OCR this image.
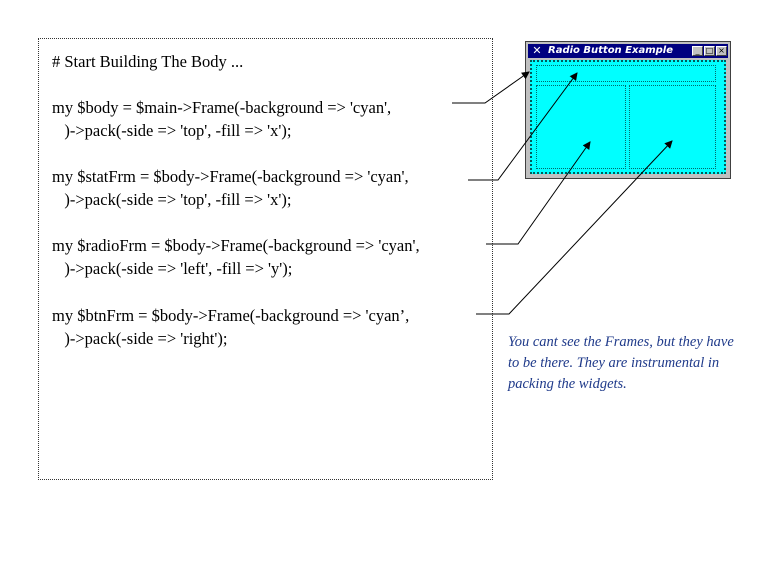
# Start Building The Body ...
my $body = $main->Frame(-background => 'cyan',
)->pack(-side => 'top', -fill => 'x');
my $statFrm = $body->Frame(-background => 'cyan',
)->pack(-side => 'top', -fill => 'x');
my $radioFrm = $body->Frame(-background => 'cyan',
)->pack(-side => 'left', -fill => 'y');
my $btnFrm = $body->Frame(-background => 'cyan’,
)->pack(-side => 'right');
✕ Radio Button Example	_ □ ×
You cant see the Frames, but they have to be there. They are instrumental in packing the widgets.
